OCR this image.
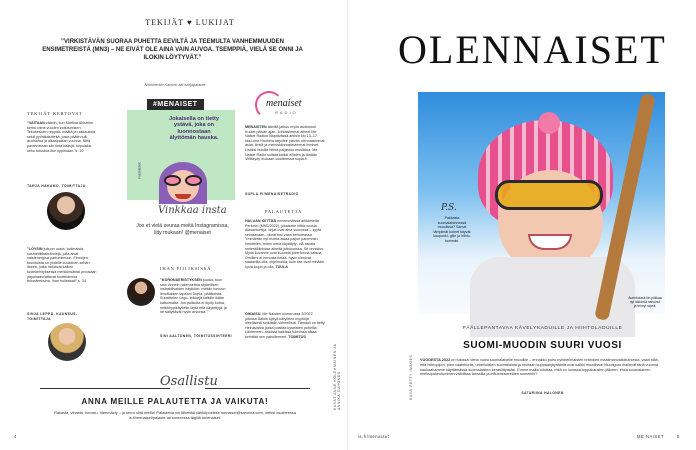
TEKIJÄT ♥ LUKIJAT
”VIRKISTÄVÄN SUORAA PUHETTA EEVILTÄ JA TEEMULTA VANHEMMUUDEN ENSIMETREISTÄ (MN3) – NE EIVÄT OLE AINA VAIN AUVOA. TSEMPPIÄ, VIELÄ SE ONNI JA ILOKIN LÖYTYVÄT.”
Nimimerkin Kaimen äiti lukijapalaute
TEKIJÄT KERTOVAT
”VAITAAN vääriin, kun Martina Ahlström kertoi viime vuoden kotiutumisen. Tekosesiden reppaä- määtä ja rakkauksia sekä pyöräkäsitteitä, josta päätin tulli avohoitoa ja alkaapaikan vuonna. Niitä parannetaan siin tietä kääsjä, toipuiaksi keho tutustua itse oppimaan.”s. 10
TARJA HAKAMO, TOIMITTAJA
”LÖYSIN juttuun uusia, kotimaisia kosmetiikkabrändejä, joita aivat naistenergisa parfumimuun. Firmojen tuunituista on yhdelle kuuloinen sehän itseen, jotka haluavat kaiken tuotekehityksessä merkkinsäntai proosaan papukaasvattavat tuotteidensa tehosteeksina. Ihan hulleasat!” s. 34
SINJA LEPPÄ, KAUNEUS-TOIMITTAJA
#MENAISET
Jokaisella on tietty ystävä, joka on luonnostaan älyttömän hauska.
menaiset
Vinkkaa insta
Jos et vielä seuraa meitä Instagramissa, liity mukaan! @menaiset
IHAN FIILIKSISSÄ
”KORONAERISTYKSEN juudut- tuun sain vinnein rakennettua täydellisen instrakliivaiden näyttöön: mettiin koriuun ilmoituksen tapeani Dupla- päälkoista. Suosittelen Lego- leikkejä kaikille ikään katsomatta. Jos palikoita ei löydy kotoa, nettikirppikäyttelin läytä että käytettyjä, ja ne säilyttävät hyvin arvonsa.”
SINI AALTONEN, TOIMITUSSIHTEERI
menaiset
RADIO
MENAISTEN äänillä jatkuu myös audiossa! Kuulet päivän ajan- kohtaisimmat aiheet Me Naiset Radion illapäivässä arkisin klo 13–17. Ida-Liina Huuhela tarjoilee päivän olennaisimmat asiat, ilmiöt ja meiniskiinnostavimmat ihmiset. Lisäksi listoilla hitinä paljastuu musiikkia. Me Naiset Radio soittaa kaikki eilisten ja tänään. Virittäydy mukaan osoitteessa supla.fi
SUPLA.FI/MENAISETRADIO
PALAUTETTA
HALUAN KIITTÄÄ ennemmäissa artikkeleita Perkele! (MN2/2022), jokaiselle hittiä vuosia. Aiasantuntija- ohjat ovat aina vuorossa – syytä seuraavaan– olivat tosi vaan kertomassa. Ymmärrän nyt monta asiaa paljon paremmin. Ilmottelen, miten omia käyttäyty- viä asioita melentikiintoisa aiheita juttukunssa. Se onnistus. Myös kuvanne ovat kuunnla jokerfonvia katsoa. Omilleni ei henosta tietää- hyvin toimivat saatavilla olla, ohjelmoida, kuin itse ovat minäkin hyvä kopin ja olla. TUULA
OIKAISU. Me Naisten numerossa 3/2022 jutussa Ääliön kykyä kärylleen myytöljä oleellisesti selkästin virheellisiä. Tämäoli on tietty Heinävaara jossa poistaa kyseisten puheilla. Lähteneen- asioista kaikissa tulevissa alkaa kehittää sen pahoitemme. TOIMITUS
KUVAT ANNE KOLEHMAINEN JA ANNIKA SUHONEN
Osallistu
ANNA MEILLE PALAUTETTA JA VAIKUTA!
Rakasta, vihasta, innostu, hämmästy – ja kerro siitä meille! Palautetta voi lähettää sähköpostitse menaiset@sanoma.com, nettisi osoitteessa is.fi/menaiset/palaute tai someessa tägillä #menaiset.
4
OLENNAISET
P.S.
Pakkasta suomalaisinnessä muodissa? Samat tämpimät kuteet käyvät kaupunki- gille ja hiihto- hommiin.
Aurinkolasit tiin pilkkaa nyt lakkimiä naisonut ja tehnyt sipeä.
KUVA GETTY IMAGES
PÄÄLLEPANTAVAA KÄVELYKADUILLE JA HIIHTOLADUILLE
SUOMI-MUODIN SUURI VUOSI
VUODESTA 2022 on tulossa hieno vuosi suomalaiselle muodille – ennakko puhu nyrkkeilmaisten brändien maailmanvalloituksesta, vaan siitä, että hiihtopipot, pien vaatekunkt, urheilulisien suomalaista ja muitaan kuppaakjäyntävät ovat kaikki muodissa! Muotiguru ihailevat tänä vuonna kaukaahamme käyttämässä suomalaisten keraslittyisiäsi. Emme malta odottaa, mitä on luvassa toppakausien jälkeen: ehkä suomalainen mieksipukeutuminen valloittaa tanssilla ja influenssiereiden someihin?
SATARIINA HALONEN
is.fi/menaiset	ME NAISET	5
